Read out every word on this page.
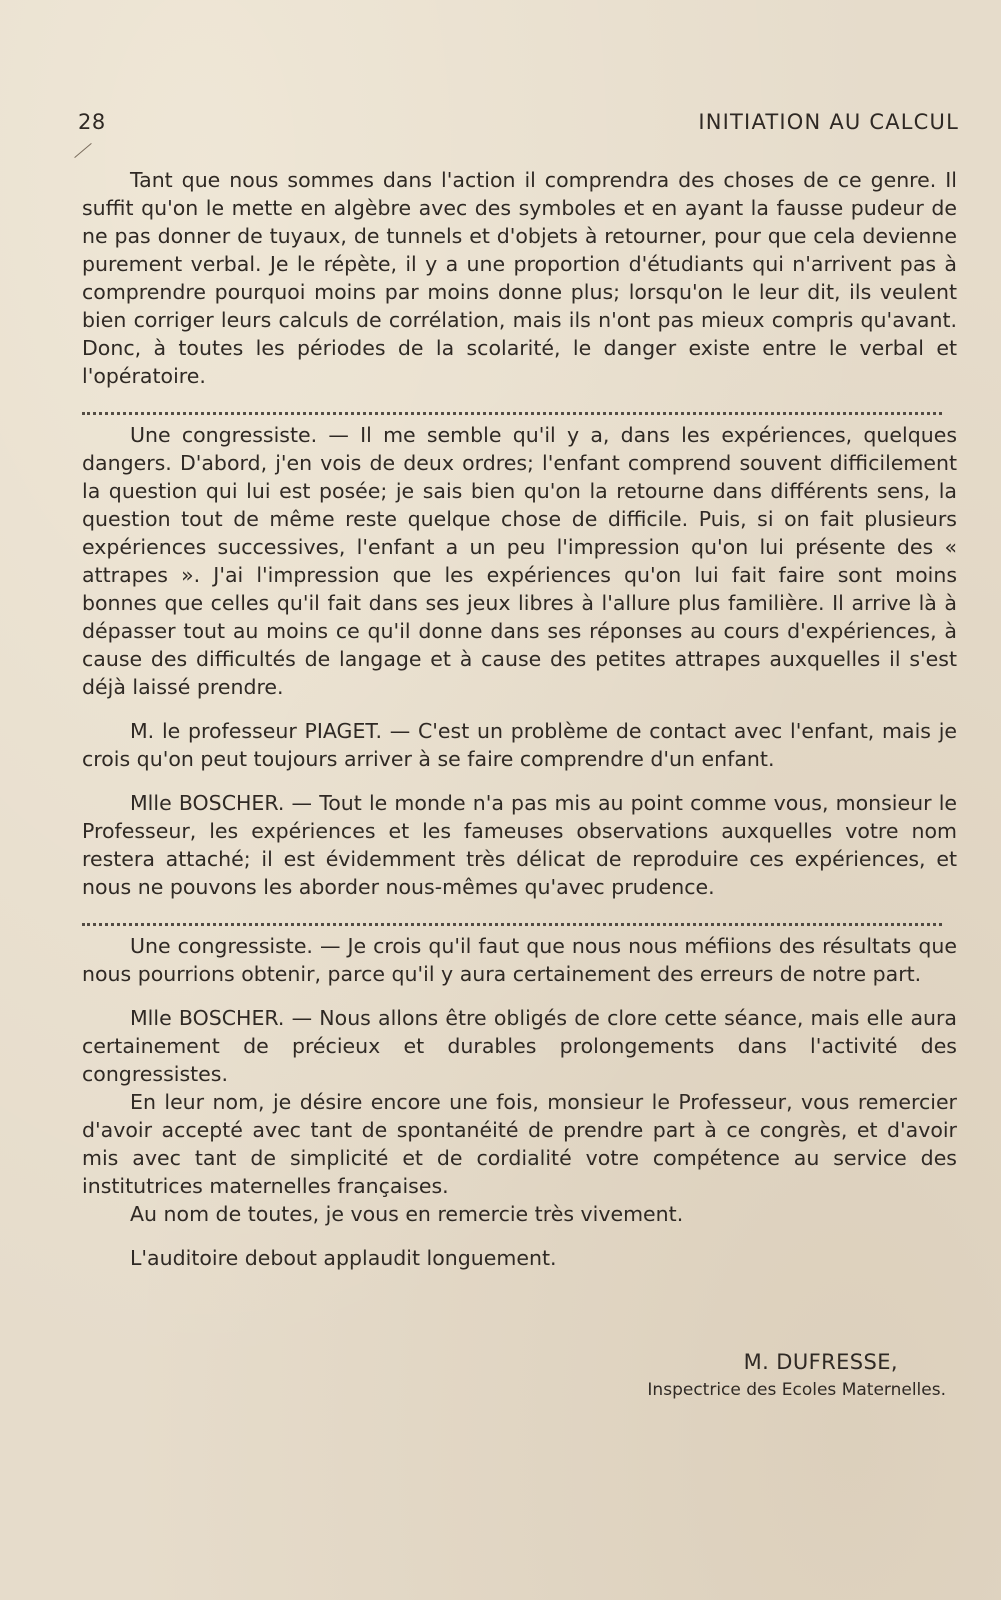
28	INITIATION AU CALCUL

Tant que nous sommes dans l'action il comprendra des choses de ce genre. Il suffit qu'on le mette en algèbre avec des symboles et en ayant la fausse pudeur de ne pas donner de tuyaux, de tunnels et d'objets à retourner, pour que cela devienne purement verbal. Je le répète, il y a une proportion d'étudiants qui n'arrivent pas à comprendre pourquoi moins par moins donne plus; lorsqu'on le leur dit, ils veulent bien corriger leurs calculs de corrélation, mais ils n'ont pas mieux compris qu'avant. Donc, à toutes les périodes de la scolarité, le danger existe entre le verbal et l'opératoire.

Une congressiste. — Il me semble qu'il y a, dans les expériences, quelques dangers. D'abord, j'en vois de deux ordres; l'enfant comprend souvent difficilement la question qui lui est posée; je sais bien qu'on la retourne dans différents sens, la question tout de même reste quelque chose de difficile. Puis, si on fait plusieurs expériences successives, l'enfant a un peu l'impression qu'on lui présente des « attrapes ». J'ai l'impression que les expériences qu'on lui fait faire sont moins bonnes que celles qu'il fait dans ses jeux libres à l'allure plus familière. Il arrive là à dépasser tout au moins ce qu'il donne dans ses réponses au cours d'expériences, à cause des difficultés de langage et à cause des petites attrapes auxquelles il s'est déjà laissé prendre.

M. le professeur PIAGET. — C'est un problème de contact avec l'enfant, mais je crois qu'on peut toujours arriver à se faire comprendre d'un enfant.

Mlle BOSCHER. — Tout le monde n'a pas mis au point comme vous, monsieur le Professeur, les expériences et les fameuses observations auxquelles votre nom restera attaché; il est évidemment très délicat de reproduire ces expériences, et nous ne pouvons les aborder nous-mêmes qu'avec prudence.

Une congressiste. — Je crois qu'il faut que nous nous méfiions des résultats que nous pourrions obtenir, parce qu'il y aura certainement des erreurs de notre part.

Mlle BOSCHER. — Nous allons être obligés de clore cette séance, mais elle aura certainement de précieux et durables prolongements dans l'activité des congressistes.

En leur nom, je désire encore une fois, monsieur le Professeur, vous remercier d'avoir accepté avec tant de spontanéité de prendre part à ce congrès, et d'avoir mis avec tant de simplicité et de cordialité votre compétence au service des institutrices maternelles françaises.

Au nom de toutes, je vous en remercie très vivement.

L'auditoire debout applaudit longuement.

M. DUFRESSE,
Inspectrice des Ecoles Maternelles.
